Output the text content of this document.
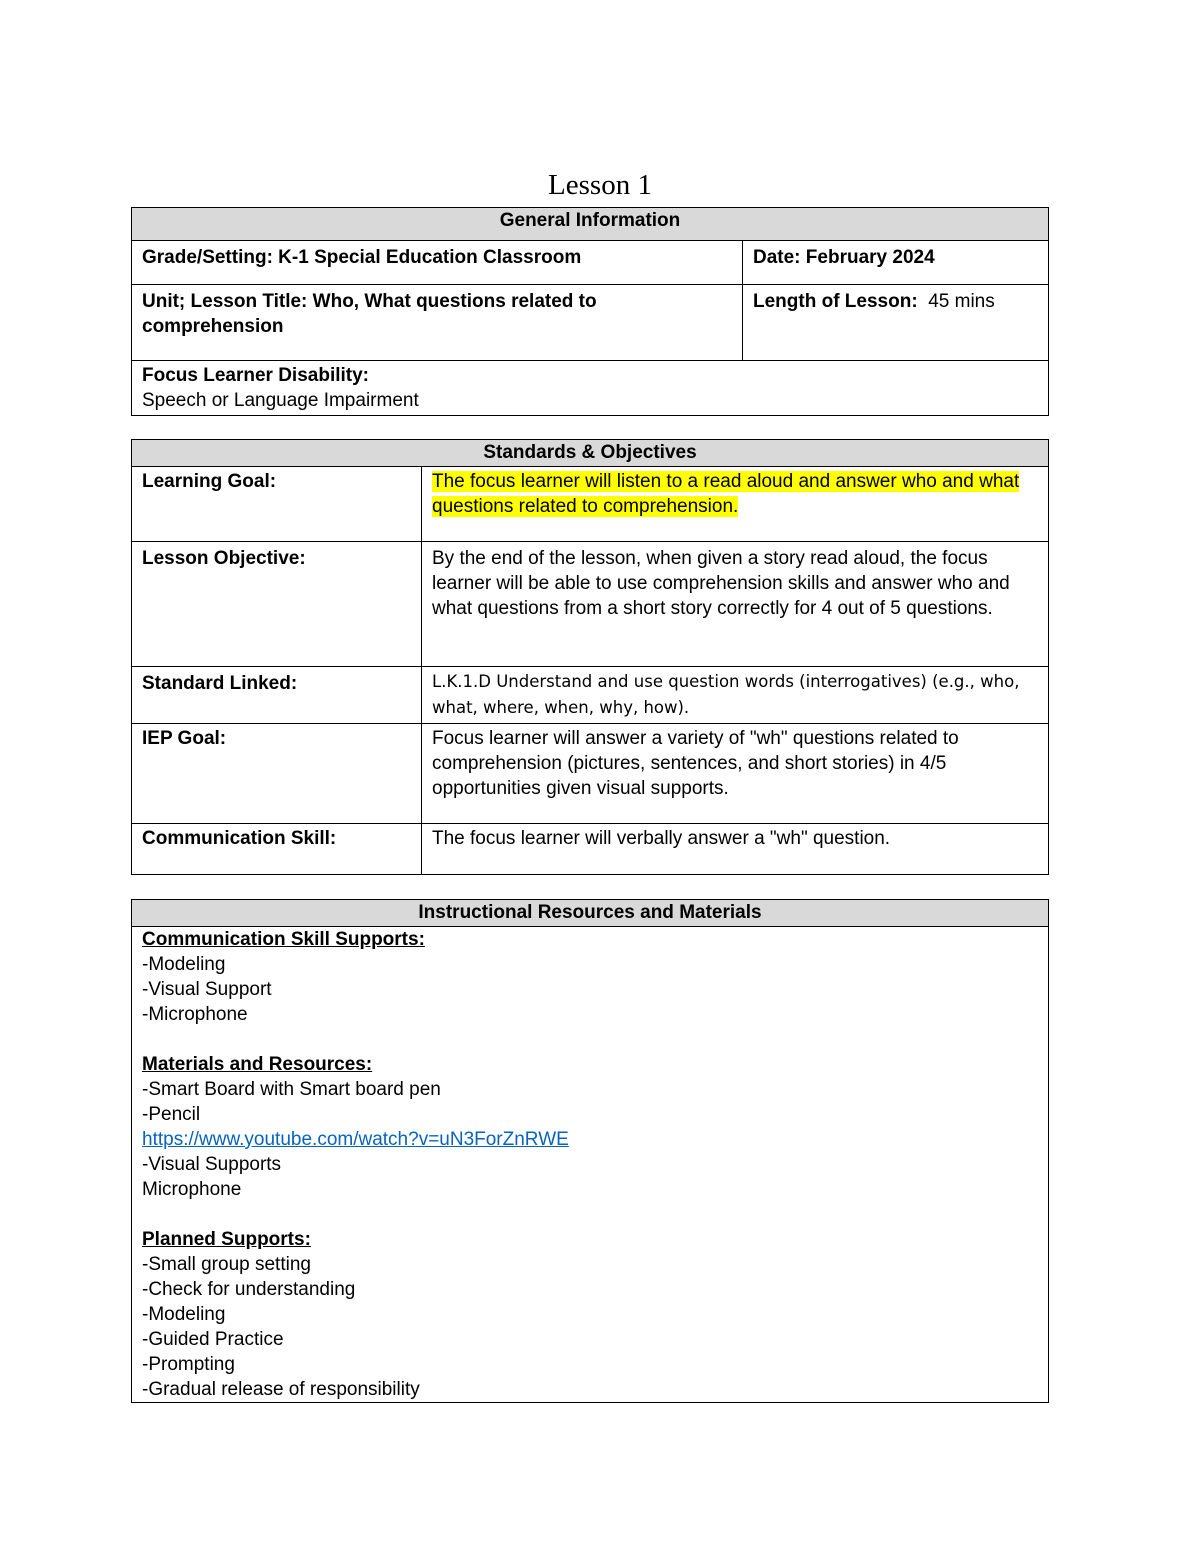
Lesson 1
General Information	
Grade/Setting: K-1 Special Education Classroom	Date: February 2024
Unit; Lesson Title: Who, What questions related to comprehension	Length of Lesson: 45 mins

Focus Learner Disability:
Speech or Language Impairment	
Standards & Objectives	
Learning Goal:	The focus learner will listen to a read aloud and answer who and what questions related to comprehension.
Lesson Objective:	By the end of the lesson, when given a story read aloud, the focus learner will be able to use comprehension skills and answer who and what questions from a short story correctly for 4 out of 5 questions.
Standard Linked:	L.K.1.D Understand and use question words (interrogatives) (e.g., who, what, where, when, why, how).
IEP Goal:	Focus learner will answer a variety of "wh" questions related to comprehension (pictures, sentences, and short stories) in 4/5 opportunities given visual supports.
Communication Skill:	The focus learner will verbally answer a "wh" question.
Instructional Resources and Materials

Communication Skill Supports:
-Modeling
-Visual Support
-Microphone
Materials and Resources:
-Smart Board with Smart board pen
-Pencil
https://www.youtube.com/watch?v=uN3ForZnRWE
-Visual Supports
Microphone
Planned Supports:
-Small group setting
-Check for understanding
-Modeling
-Guided Practice
-Prompting
-Gradual release of responsibility
